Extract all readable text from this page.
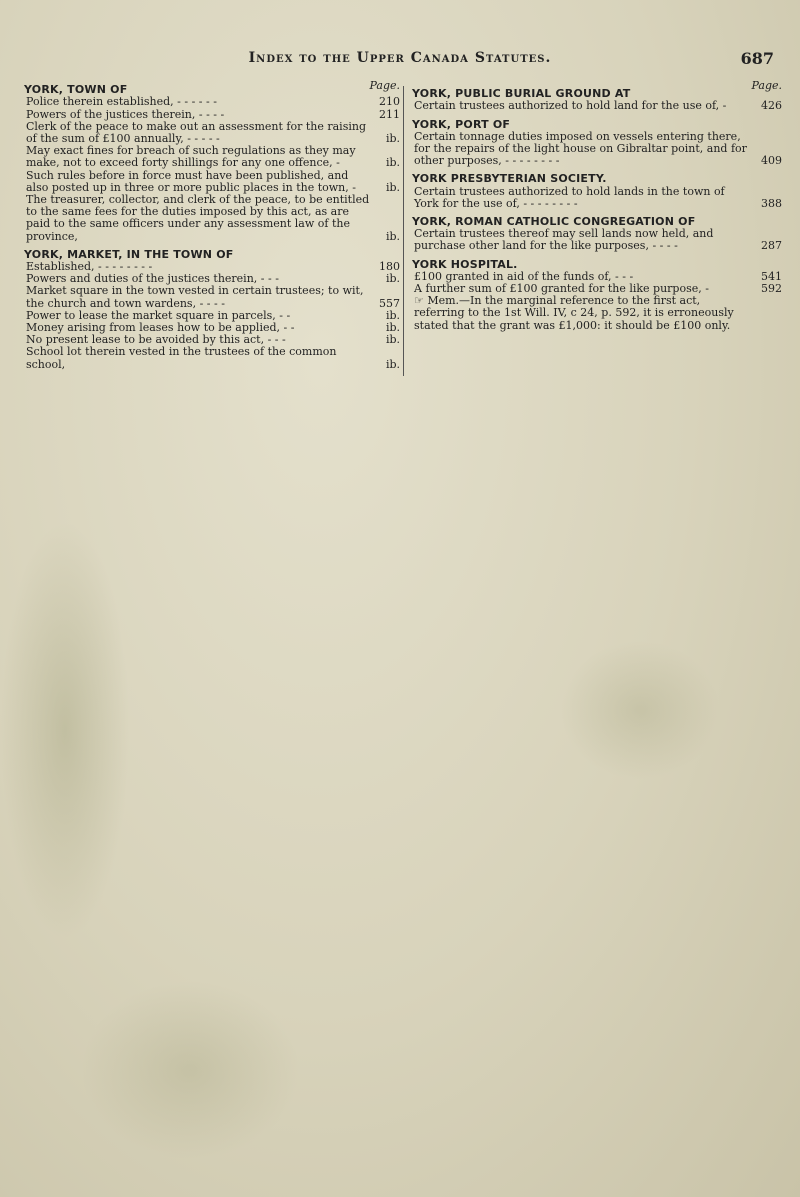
Index to the Upper Canada Statutes.	687
Page.
YORK, TOWN OF
Police therein established, - - - - - -	210
Powers of the justices therein, - - - -	211
Clerk of the peace to make out an assessment for the raising of the sum of £100 annually, - - - - -	ib.
May exact fines for breach of such regulations as they may make, not to exceed forty shillings for any one offence, -	ib.
Such rules before in force must have been published, and also posted up in three or more public places in the town, -	ib.
The treasurer, collector, and clerk of the peace, to be entitled to the same fees for the duties imposed by this act, as are paid to the same officers under any assessment law of the province,	ib.
YORK, MARKET, IN THE TOWN OF
Established, - - - - - - - -	180
Powers and duties of the justices therein, - - -	ib.
Market square in the town vested in certain trustees; to wit, the church and town wardens, - - - -	557
Power to lease the market square in parcels, - -	ib.
Money arising from leases how to be applied, - -	ib.
No present lease to be avoided by this act, - - -	ib.
School lot therein vested in the trustees of the common school,	ib.
Page.
YORK, PUBLIC BURIAL GROUND AT
Certain trustees authorized to hold land for the use of, -	426
YORK, PORT OF
Certain tonnage duties imposed on vessels entering there, for the repairs of the light house on Gibraltar point, and for other purposes, - - - - - - - -	409
YORK PRESBYTERIAN SOCIETY.
Certain trustees authorized to hold lands in the town of York for the use of, - - - - - - - -	388
YORK, ROMAN CATHOLIC CONGREGATION OF
Certain trustees thereof may sell lands now held, and purchase other land for the like purposes, - - - -	287
YORK HOSPITAL.
£100 granted in aid of the funds of, - - -	541
A further sum of £100 granted for the like purpose, -	592
☞ Mem.—In the marginal reference to the first act, referring to the 1st Will. IV, c 24, p. 592, it is erroneously stated that the grant was £1,000: it should be £100 only.
